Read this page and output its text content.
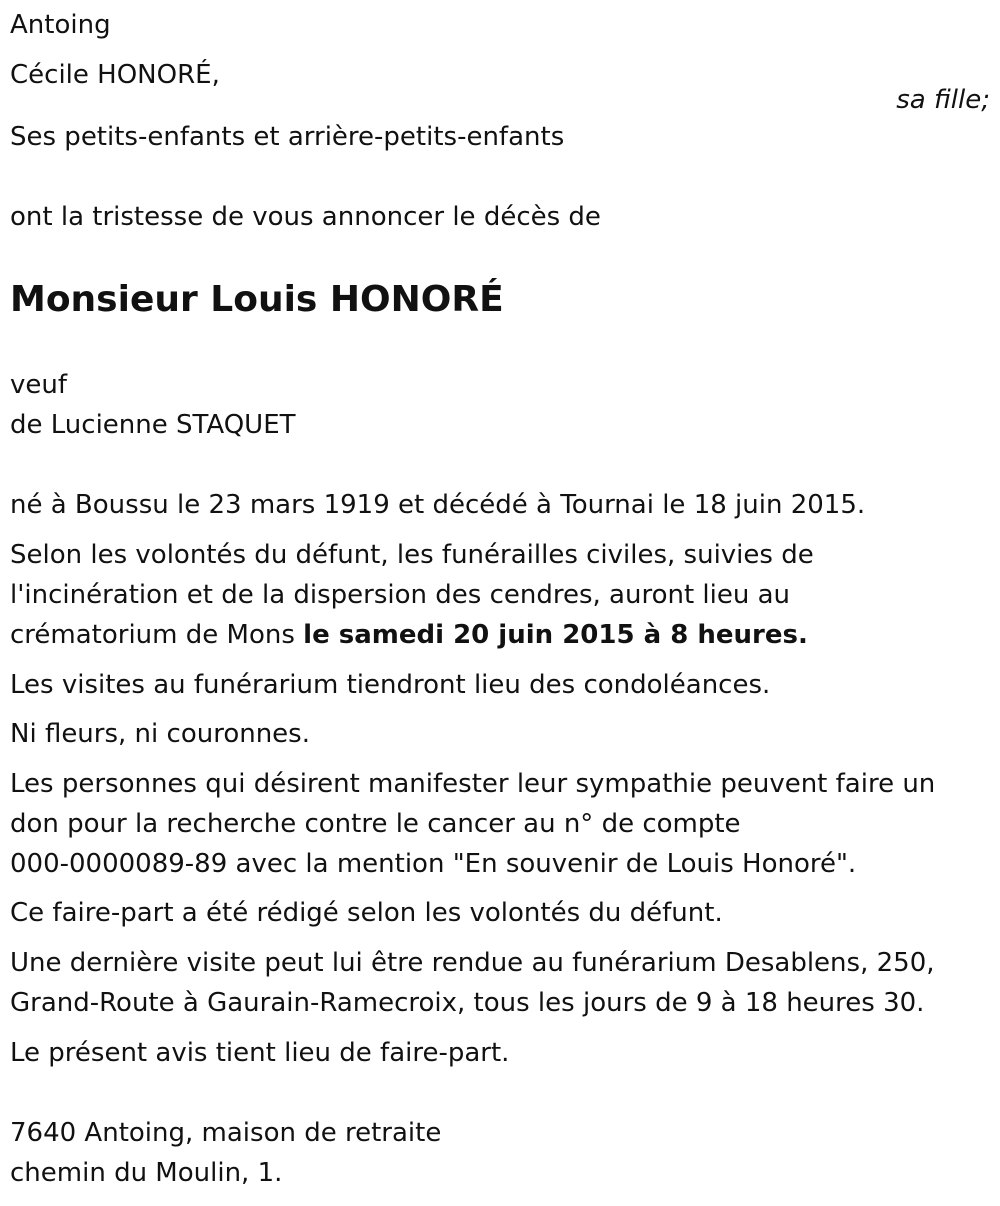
Antoing
Cécile HONORÉ,
sa fille;
Ses petits-enfants et arrière-petits-enfants
ont la tristesse de vous annoncer le décès de
Monsieur Louis HONORÉ
veuf
de Lucienne STAQUET
né à Boussu le 23 mars 1919 et décédé à Tournai le 18 juin 2015.
Selon les volontés du défunt, les funérailles civiles, suivies de
l'incinération et de la dispersion des cendres, auront lieu au
crématorium de Mons le samedi 20 juin 2015 à 8 heures.
Les visites au funérarium tiendront lieu des condoléances.
Ni fleurs, ni couronnes.
Les personnes qui désirent manifester leur sympathie peuvent faire un
don pour la recherche contre le cancer au n° de compte
000-0000089-89 avec la mention "En souvenir de Louis Honoré".
Ce faire-part a été rédigé selon les volontés du défunt.
Une dernière visite peut lui être rendue au funérarium Desablens, 250,
Grand-Route à Gaurain-Ramecroix, tous les jours de 9 à 18 heures 30.
Le présent avis tient lieu de faire-part.
7640 Antoing, maison de retraite
chemin du Moulin, 1.
